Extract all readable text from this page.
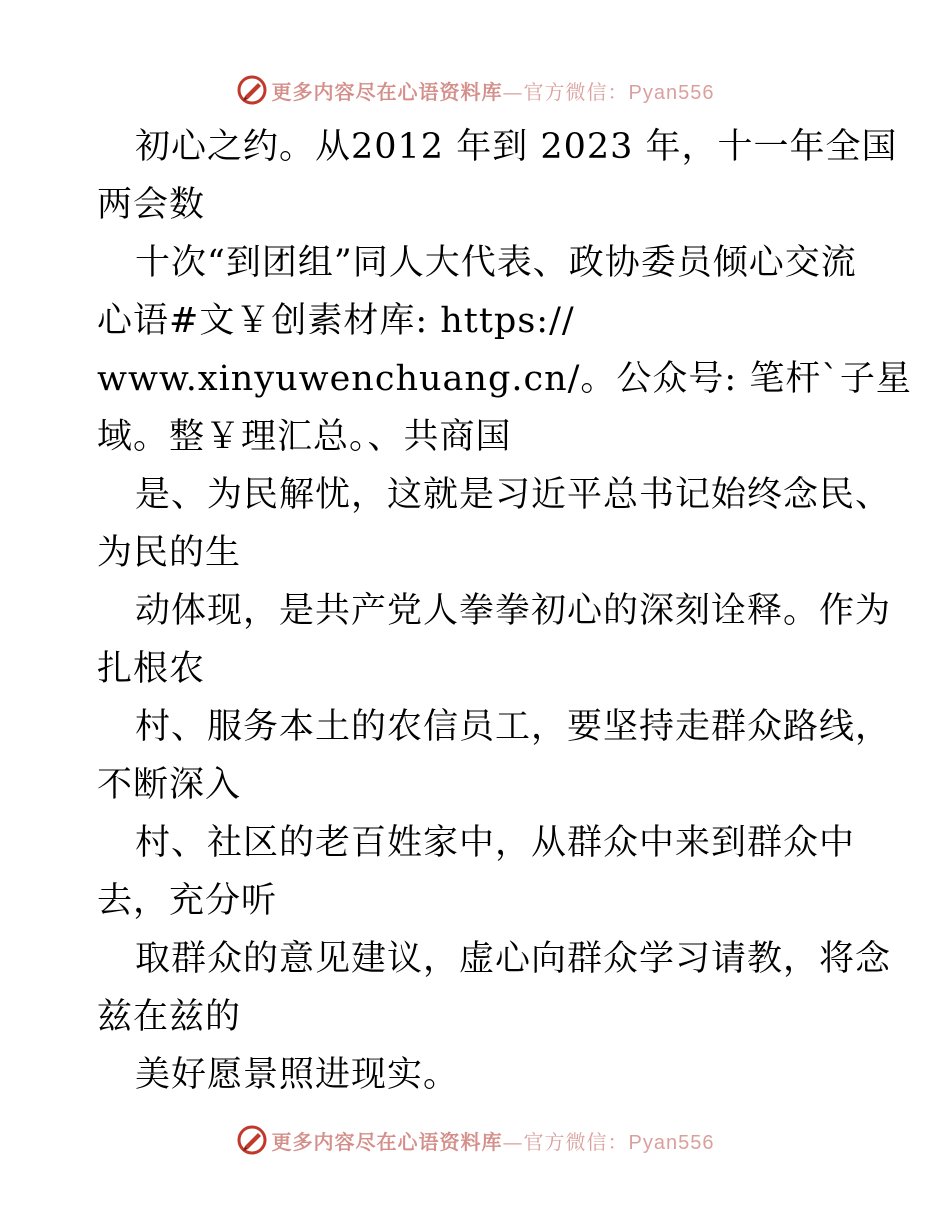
更多内容尽在心语资料库—官方微信：Pyan556
初心之约。从2012 年到 2023 年，十一年全国
两会数
十次“到团组”同人大代表、政协委员倾心交流
心语#文￥创素材库: https://
www.xinyuwenchuang.cn/。公众号: 笔杆`子星
域。整￥理汇总。、共商国
是、为民解忧，这就是习近平总书记始终念民、
为民的生
动体现，是共产党人拳拳初心的深刻诠释。作为
扎根农
村、服务本土的农信员工，要坚持走群众路线，
不断深入
村、社区的老百姓家中，从群众中来到群众中
去，充分听
取群众的意见建议，虚心向群众学习请教，将念
兹在兹的
美好愿景照进现实。
更多内容尽在心语资料库—官方微信：Pyan556
